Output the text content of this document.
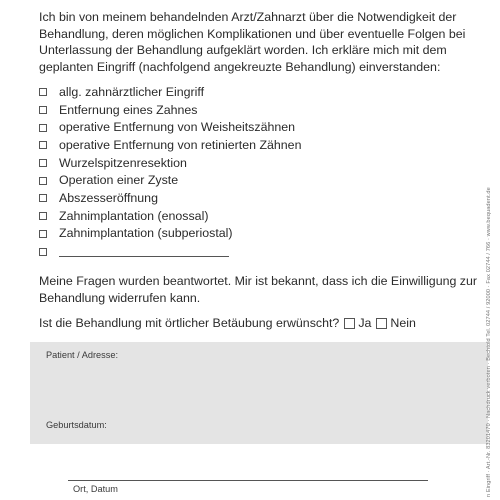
Ich bin von meinem behandelnden Arzt/Zahnarzt über die Notwendigkeit der Behandlung, deren möglichen Komplikationen und über eventuelle Folgen bei Unterlassung der Behandlung aufgeklärt worden. Ich erkläre mich mit dem geplanten Eingriff (nachfolgend angekreuzte Behandlung) einverstanden:

allg. zahnärztlicher Eingriff
Entfernung eines Zahnes
operative Entfernung von Weisheitszähnen
operative Entfernung von retinierten Zähnen
Wurzelspitzenresektion
Operation einer Zyste
Abszesseröffnung
Zahnimplantation (enossal)
Zahnimplantation (subperiostal)

Meine Fragen wurden beantwortet. Mir ist bekannt, dass ich die Einwilligung zur Behandlung widerrufen kann.

Ist die Behandlung mit örtlicher Betäubung erwünscht? Ja Nein
Patient / Adresse:
Geburtsdatum:
Ort, Datum	n Eingriff · Art.-Nr. 83201470 · Nachdruck verboten · Bechtold Tel. 02744 / 92000 · Fax 02744 / 766 · www.bequadent.de
